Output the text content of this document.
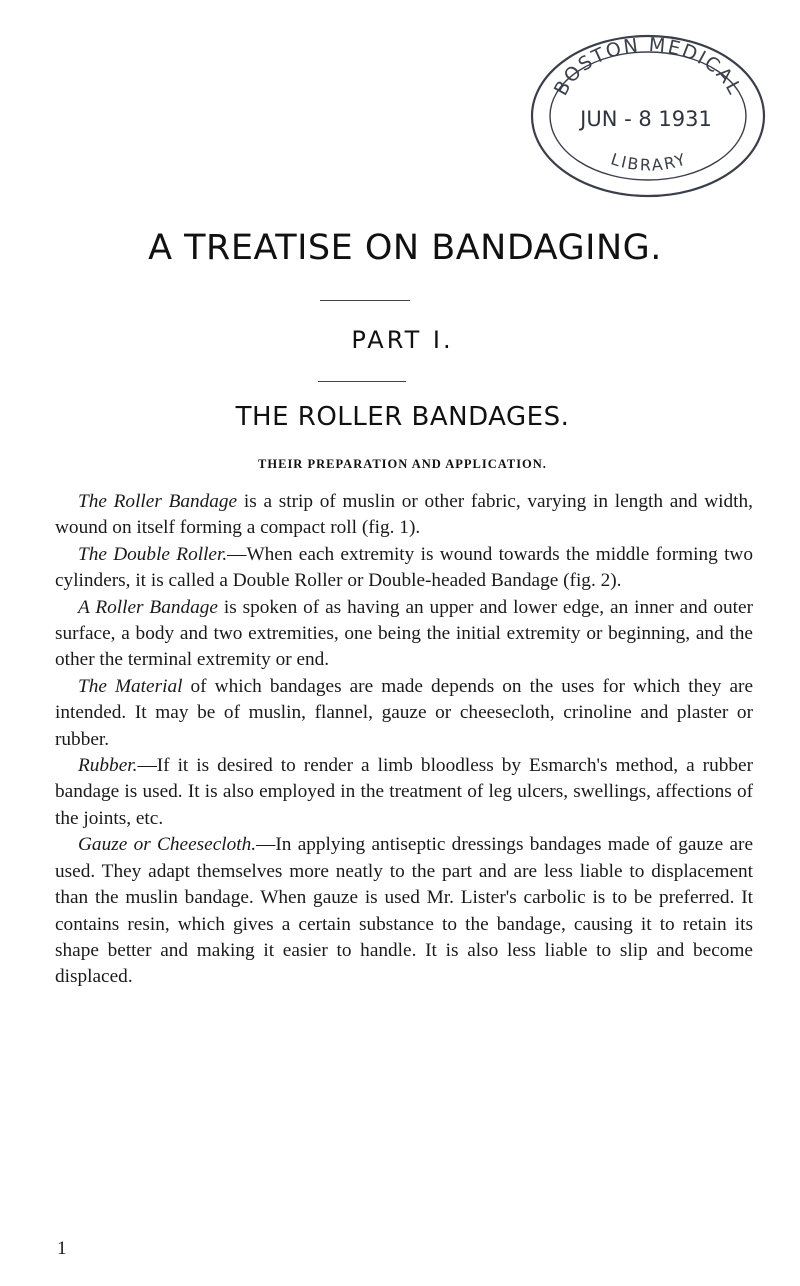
BOSTON MEDICAL
JUN - 8 1931
LIBRARY
A TREATISE ON BANDAGING.
PART I.
THE ROLLER BANDAGES.
THEIR PREPARATION AND APPLICATION.

The Roller Bandage is a strip of muslin or other fabric, varying in length and width, wound on itself forming a compact roll (fig. 1).

The Double Roller.—When each extremity is wound towards the middle forming two cylinders, it is called a Double Roller or Double-headed Bandage (fig. 2).

A Roller Bandage is spoken of as having an upper and lower edge, an inner and outer surface, a body and two extremities, one being the initial extremity or beginning, and the other the terminal extremity or end.

The Material of which bandages are made depends on the uses for which they are intended. It may be of muslin, flannel, gauze or cheesecloth, crinoline and plaster or rubber.

Rubber.—If it is desired to render a limb bloodless by Esmarch's method, a rubber bandage is used. It is also employed in the treatment of leg ulcers, swellings, affections of the joints, etc.

Gauze or Cheesecloth.—In applying antiseptic dressings bandages made of gauze are used. They adapt themselves more neatly to the part and are less liable to displacement than the muslin bandage. When gauze is used Mr. Lister's carbolic is to be preferred. It contains resin, which gives a certain substance to the bandage, causing it to retain its shape better and making it easier to handle. It is also less liable to slip and become displaced.

1
